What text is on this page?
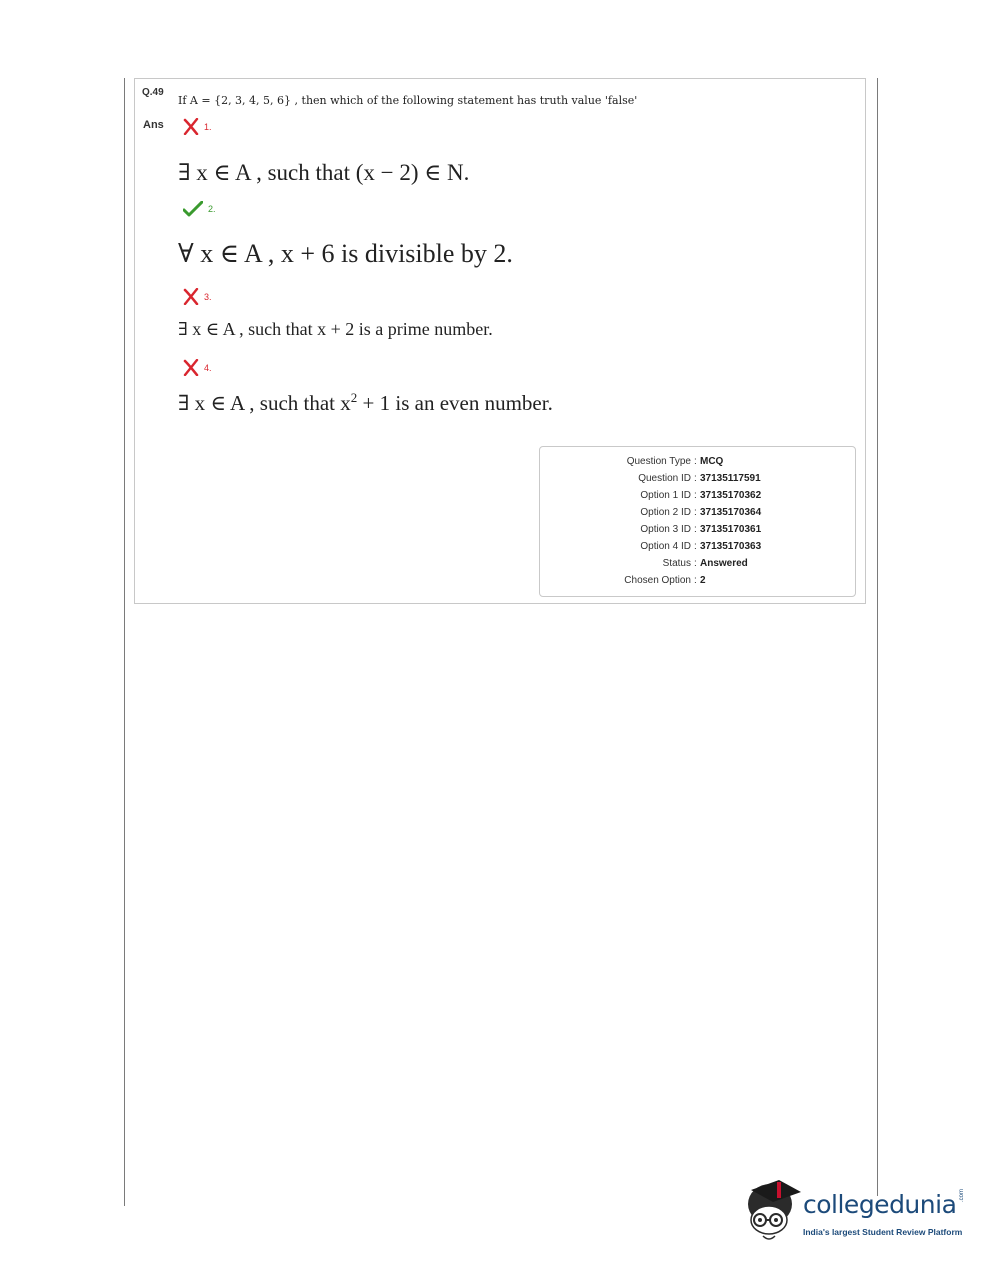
Q.49
If A = {2, 3, 4, 5, 6} , then which of the following statement has truth value 'false'
Ans	1.
∃ x ∈ A , such that (x − 2) ∈ N.
2.
∀ x ∈ A , x + 6 is divisible by 2.
3.
∃ x ∈ A , such that x + 2 is a prime number.
4.
∃ x ∈ A , such that $x^2 + 1$ is an even number.
Question Type : MCQ
Question ID : 37135117591
Option 1 ID : 37135170362
Option 2 ID : 37135170364
Option 3 ID : 37135170361
Option 4 ID : 37135170363
Status : Answered
Chosen Option : 2
collegedunia .com
India's largest Student Review Platform
